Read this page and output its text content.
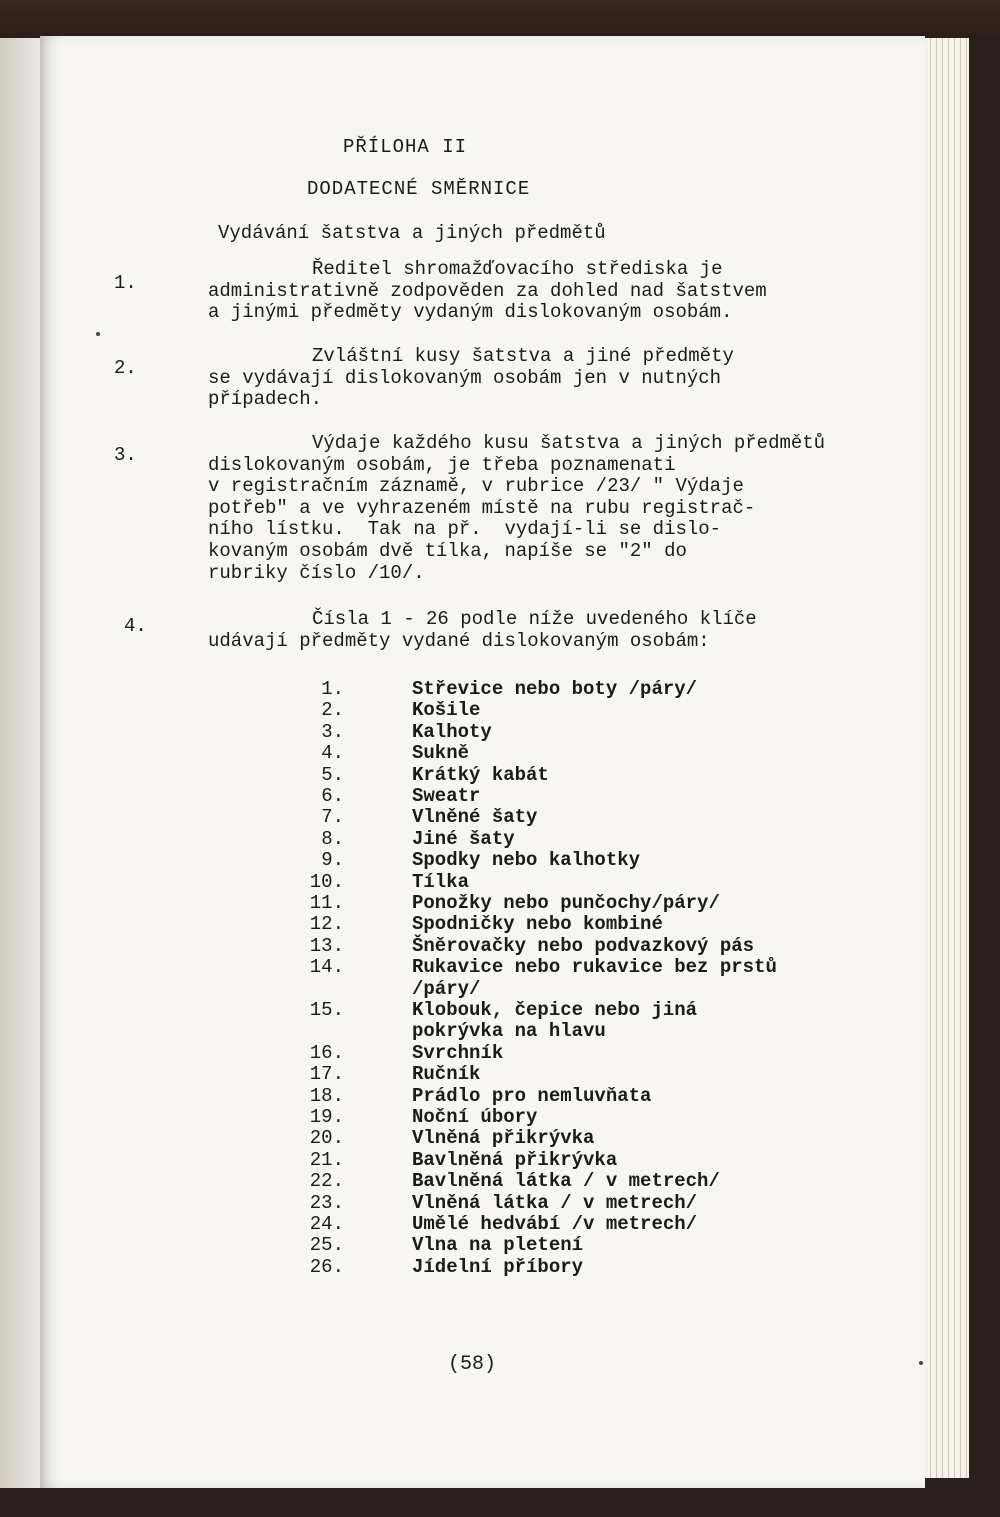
PŘÍLOHA II
DODATECNÉ SMĚRNICE
Vydávání šatstva a jiných předmětů
1.
Ředitel shromažďovacího střediska je
administrativně zodpověden za dohled nad šatstvem
a jinými předměty vydaným dislokovaným osobám.
2.
Zvláštní kusy šatstva a jiné předměty
se vydávají dislokovaným osobám jen v nutných
případech.
3.
Výdaje každého kusu šatstva a jiných předmětů
dislokovaným osobám, je třeba poznamenati
v registračním záznamě, v rubrice /23/ " Výdaje
potřeb" a ve vyhrazeném místě na rubu registrač-
ního lístku.  Tak na př.  vydají-li se dislo-
kovaným osobám dvě tílka, napíše se "2" do
rubriky číslo /10/.
4.	Čísla 1 - 26 podle níže uvedeného klíče
udávají předměty vydané dislokovaným osobám:
1.	Střevice nebo boty /páry/
2.	Košile
3.	Kalhoty
4.	Sukně
5.	Krátký kabát
6.	Sweatr
7.	Vlněné šaty
8.	Jiné šaty
9.	Spodky nebo kalhotky
10.	Tílka
11.	Ponožky nebo punčochy/páry/
12.	Spodničky nebo kombiné
13.	Šněrovačky nebo podvazkový pás
14.	Rukavice nebo rukavice bez prstů
/páry/
15.	Klobouk, čepice nebo jiná
pokrývka na hlavu
16.	Svrchník
17.	Ručník
18.	Prádlo pro nemluvňata
19.	Noční úbory
20.	Vlněná přikrývka
21.	Bavlněná přikrývka
22.	Bavlněná látka / v metrech/
23.	Vlněná látka / v metrech/
24.	Umělé hedvábí /v metrech/
25.	Vlna na pletení
26.	Jídelní příbory
(58)
